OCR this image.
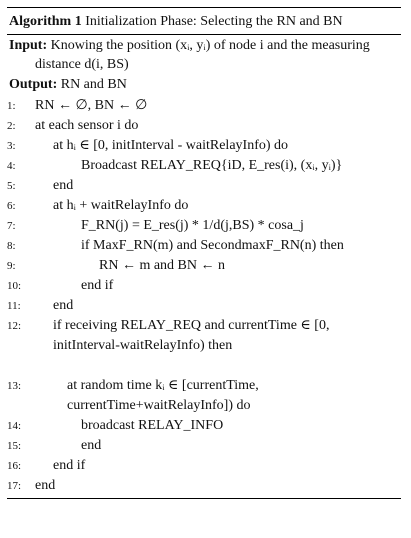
Algorithm 1 Initialization Phase: Selecting the RN and BN
Input: Knowing the position (xᵢ, yᵢ) of node i and the measuring distance d(i, BS)
Output: RN and BN
1:	RN ← ∅, BN ← ∅
2:	at each sensor i do
3:	at hᵢ ∈ [0, initInterval - waitRelayInfo) do
4:	Broadcast RELAY_REQ{iD, E_res(i), (xᵢ, yᵢ)}
5:	end
6:	at hᵢ + waitRelayInfo do
7:	F_RN(j) = E_res(j) * 1/d(j,BS) * cosa_j
8:	if MaxF_RN(m) and SecondmaxF_RN(n) then
9:	RN ← m and BN ← n
10:	end if
11:	end
12:	if receiving RELAY_REQ and currentTime ∈ [0, initInterval-waitRelayInfo) then
13:	at random time kᵢ ∈ [currentTime, currentTime+waitRelayInfo]) do
14:	broadcast RELAY_INFO
15:	end
16:	end if
17: end
